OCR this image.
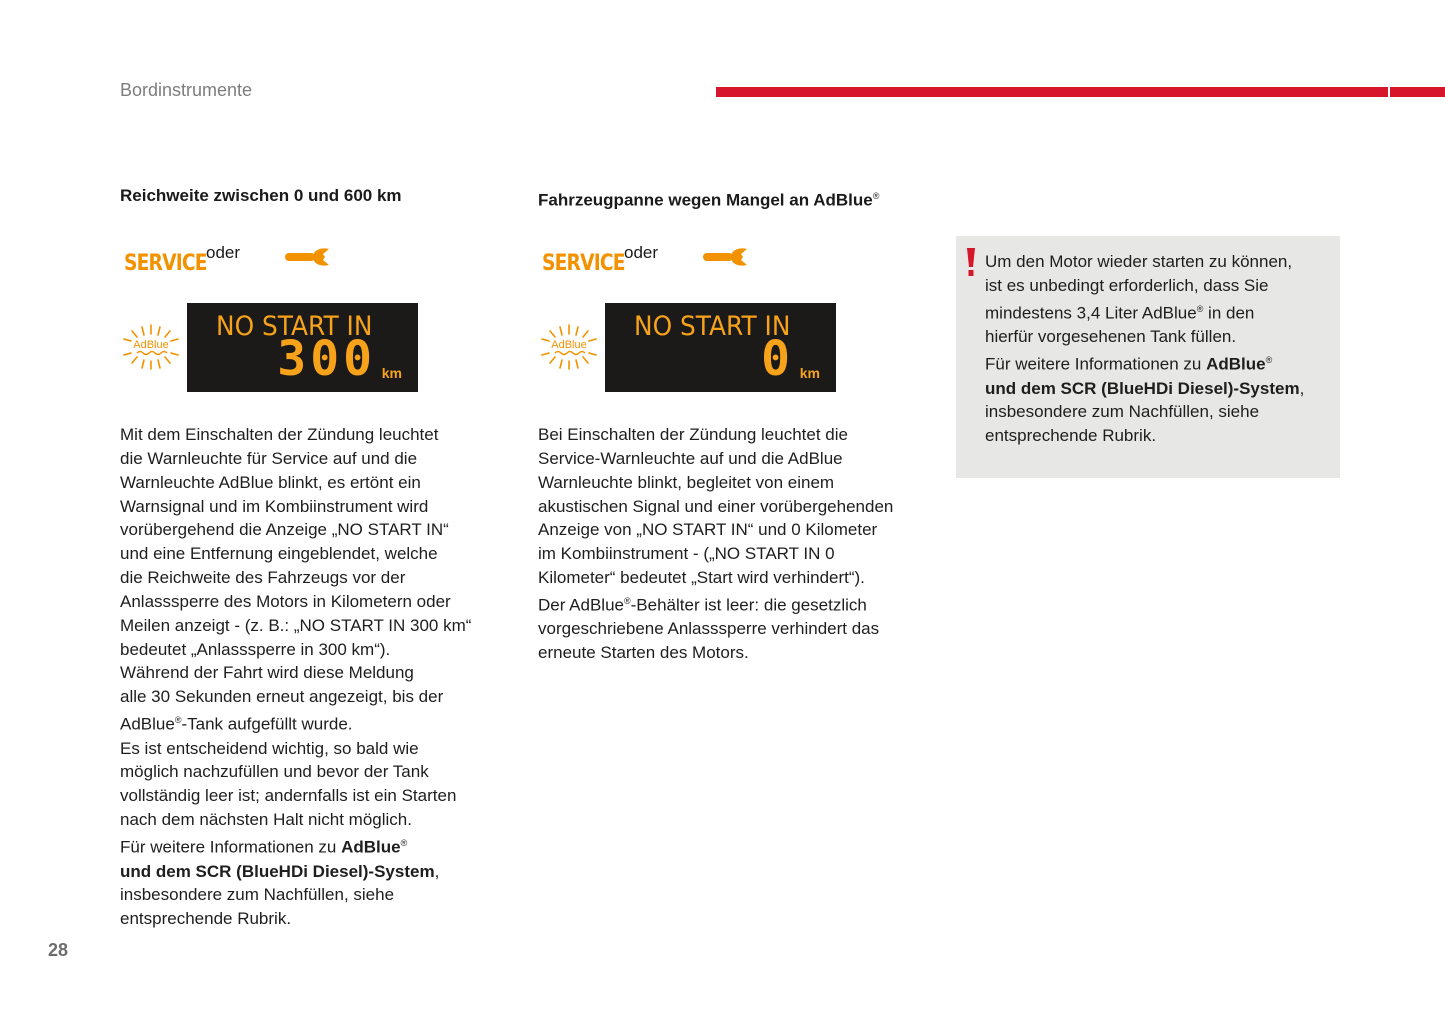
Bordinstrumente
Reichweite zwischen 0 und 600 km
SERVICE oder
AdBlue
NO START IN
300 km

Mit dem Einschalten der Zündung leuchtet

die Warnleuchte für Service auf und die

Warnleuchte AdBlue blinkt, es ertönt ein

Warnsignal und im Kombiinstrument wird

vorübergehend die Anzeige „NO START IN“

und eine Entfernung eingeblendet, welche

die Reichweite des Fahrzeugs vor der

Anlasssperre des Motors in Kilometern oder

Meilen anzeigt - (z. B.: „NO START IN 300 km“

bedeutet „Anlasssperre in 300 km“).

Während der Fahrt wird diese Meldung

alle 30 Sekunden erneut angezeigt, bis der

AdBlue®-Tank aufgefüllt wurde.

Es ist entscheidend wichtig, so bald wie

möglich nachzufüllen und bevor der Tank

vollständig leer ist; andernfalls ist ein Starten

nach dem nächsten Halt nicht möglich.

Für weitere Informationen zu AdBlue®

und dem SCR (BlueHDi Diesel)-System,

insbesondere zum Nachfüllen, siehe

entsprechende Rubrik.

Fahrzeugpanne wegen Mangel an AdBlue®
SERVICE oder
AdBlue
NO START IN
0 km

Bei Einschalten der Zündung leuchtet die

Service-Warnleuchte auf und die AdBlue

Warnleuchte blinkt, begleitet von einem

akustischen Signal und einer vorübergehenden

Anzeige von „NO START IN“ und 0 Kilometer

im Kombiinstrument - („NO START IN 0

Kilometer“ bedeutet „Start wird verhindert“).

Der AdBlue®-Behälter ist leer: die gesetzlich

vorgeschriebene Anlasssperre verhindert das

erneute Starten des Motors.

Um den Motor wieder starten zu können,
ist es unbedingt erforderlich, dass Sie
mindestens 3,4 Liter AdBlue® in den
hierfür vorgesehenen Tank füllen.
Für weitere Informationen zu AdBlue®
und dem SCR (BlueHDi Diesel)-System,
insbesondere zum Nachfüllen, siehe
entsprechende Rubrik.
28
